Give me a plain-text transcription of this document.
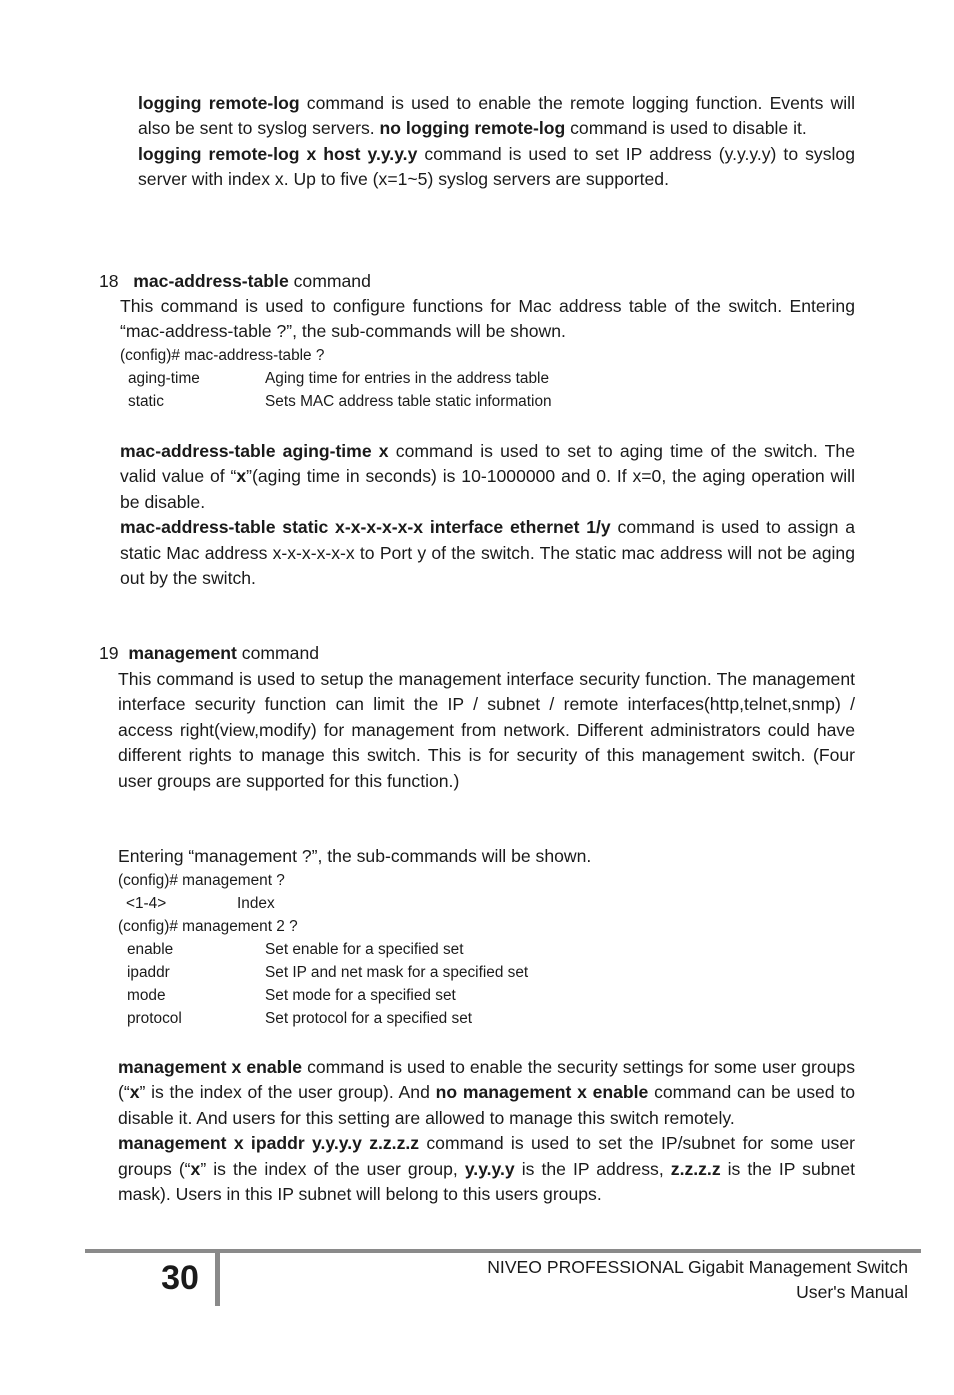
logging remote-log command is used to enable the remote logging function. Events will also be sent to syslog servers. no logging remote-log command is used to disable it.

logging remote-log x host y.y.y.y command is used to set IP address (y.y.y.y) to syslog server with index x. Up to five (x=1~5) syslog servers are supported.

18 mac-address-table command

This command is used to configure functions for Mac address table of the switch. Entering “mac-address-table ?”, the sub-commands will be shown.

(config)# mac-address-table ?
aging-time	Aging time for entries in the address table
static	Sets MAC address table static information

mac-address-table aging-time x command is used to set to aging time of the switch. The valid value of “x”(aging time in seconds) is 10-1000000 and 0. If x=0, the aging operation will be disable.

mac-address-table static x-x-x-x-x-x interface ethernet 1/y command is used to assign a static Mac address x-x-x-x-x-x to Port y of the switch. The static mac address will not be aging out by the switch.

19 management command

This command is used to setup the management interface security function. The management interface security function can limit the IP / subnet / remote interfaces(http,telnet,snmp) / access right(view,modify) for management from network. Different administrators could have different rights to manage this switch. This is for security of this management switch. (Four user groups are supported for this function.)

Entering “management ?”, the sub-commands will be shown.

(config)# management ?
<1-4>	Index
(config)# management 2 ?
enable	Set enable for a specified set
ipaddr	Set IP and net mask for a specified set
mode	Set mode for a specified set
protocol	Set protocol for a specified set

management x enable command is used to enable the security settings for some user groups (“x” is the index of the user group). And no management x enable command can be used to disable it. And users for this setting are allowed to manage this switch remotely.

management x ipaddr y.y.y.y z.z.z.z command is used to set the IP/subnet for some user groups (“x” is the index of the user group, y.y.y.y is the IP address, z.z.z.z is the IP subnet mask). Users in this IP subnet will belong to this users groups.

30	NIVEO PROFESSIONAL Gigabit Management Switch
User's Manual
